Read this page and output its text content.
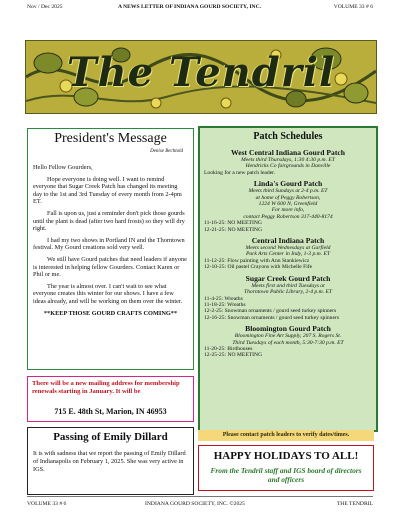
Nov / Dec 2025	A NEWS LETTER OF INDIANA GOURD SOCIETY, INC.	VOLUME 33 # 6
The Tendril
President's Message
Denise Bechtold

Hello Fellow Gourders,

Hope everyone is doing well. I want to remind everyone that Sugar Creek Patch has changed its meeting day to the 1st and 3rd Tuesday of every month from 2-4pm ET.

Fall is upon us, just a reminder don't pick those gourds until the plant is dead (after two hard frosts) so they will dry right.

I had my two shows in Portland IN and the Thorntown festival. My Gourd creations sold very well.

We still have Gourd patches that need leaders if anyone is interested in helping fellow Gourders. Contact Karen or Phil or me.

The year is almost over. I can't wait to see what everyone creates this winter for our shows. I have a few ideas already, and will be working on them over the winter.

**KEEP THOSE GOURD CRAFTS COMING**
There will be a new mailing address for membership renewals starting in January. It will be
715 E. 48th St, Marion, IN 46953
Passing of Emily Dillard
It is with sadness that we report the passing of Emily Dillard of Indianapolis on February 1, 2025. She was very active in IGS.
Patch Schedules
West Central Indiana Gourd Patch
Meets third Thursdays, 1:30 4:30 p.m. ET
Hendricks Co fairgrounds in Danville
Looking for a new patch leader.
Linda's Gourd Patch
Meets third Sundays at 2-4 p.m. ET
at home of Peggy Robertson,
1224 W 600 N, Greenfield
For more info,
contact Peggy Robertson 317-440-8174
11-16-25: NO MEETING
12-21-25: NO MEETING
Central Indiana Patch
Meets second Wednesdays at Garfield
Park Arts Center in Indy, 1-3 p.m. ET
11-12-25: Flow painting with Ann Stankiewicz
12-10-25: Oil pastel Crayons with Michelle Fife
Sugar Creek Gourd Patch
Meets first and third Tuesdays at
Thorntown Public Library, 2-4 p.m. ET
11-4-25: Wreaths
11-18-25: Wreaths
12-2-25: Snowman ornaments / gourd seed turkey spinners
12-16-25: Snowman ornaments / gourd seed turkey spinners
Bloomington Gourd Patch
Bloomington Fine Art Supply, 207 S. Rogers St.
Third Tuesdays of each month, 5:30-7:30 p.m. ET
11-20-25: Birdhouses
12-25-25: NO MEETING
Please contact patch leaders to verify dates/times.
HAPPY HOLIDAYS TO ALL!
From the Tendril staff and IGS board of directors and officers
VOLUME 33 # 6	INDIANA GOURD SOCIETY, INC. ©2025	THE TENDRIL
